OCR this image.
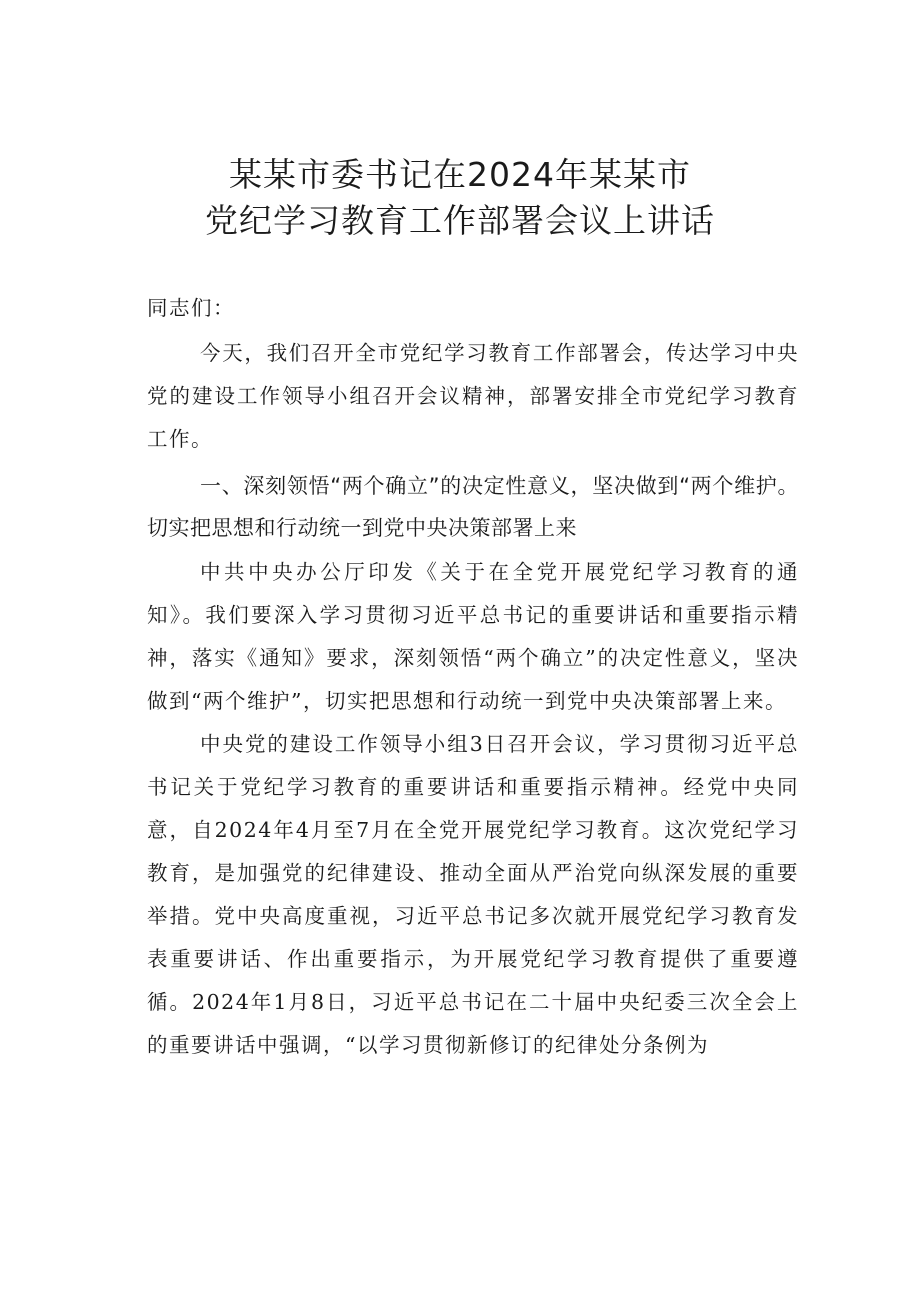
某某市委书记在2024年某某市
党纪学习教育工作部署会议上讲话

同志们：

今天，我们召开全市党纪学习教育工作部署会，传达学习中央党的建设工作领导小组召开会议精神，部署安排全市党纪学习教育工作。

一、深刻领悟“两个确立”的决定性意义，坚决做到“两个维护。切实把思想和行动统一到党中央决策部署上来

中共中央办公厅印发《关于在全党开展党纪学习教育的通知》。我们要深入学习贯彻习近平总书记的重要讲话和重要指示精神，落实《通知》要求，深刻领悟“两个确立”的决定性意义，坚决做到“两个维护”，切实把思想和行动统一到党中央决策部署上来。

中央党的建设工作领导小组3日召开会议，学习贯彻习近平总书记关于党纪学习教育的重要讲话和重要指示精神。经党中央同意，自2024年4月至7月在全党开展党纪学习教育。这次党纪学习教育，是加强党的纪律建设、推动全面从严治党向纵深发展的重要举措。党中央高度重视，习近平总书记多次就开展党纪学习教育发表重要讲话、作出重要指示，为开展党纪学习教育提供了重要遵循。2024年1月8日，习近平总书记在二十届中央纪委三次全会上的重要讲话中强调，“以学习贯彻新修订的纪律处分条例为
